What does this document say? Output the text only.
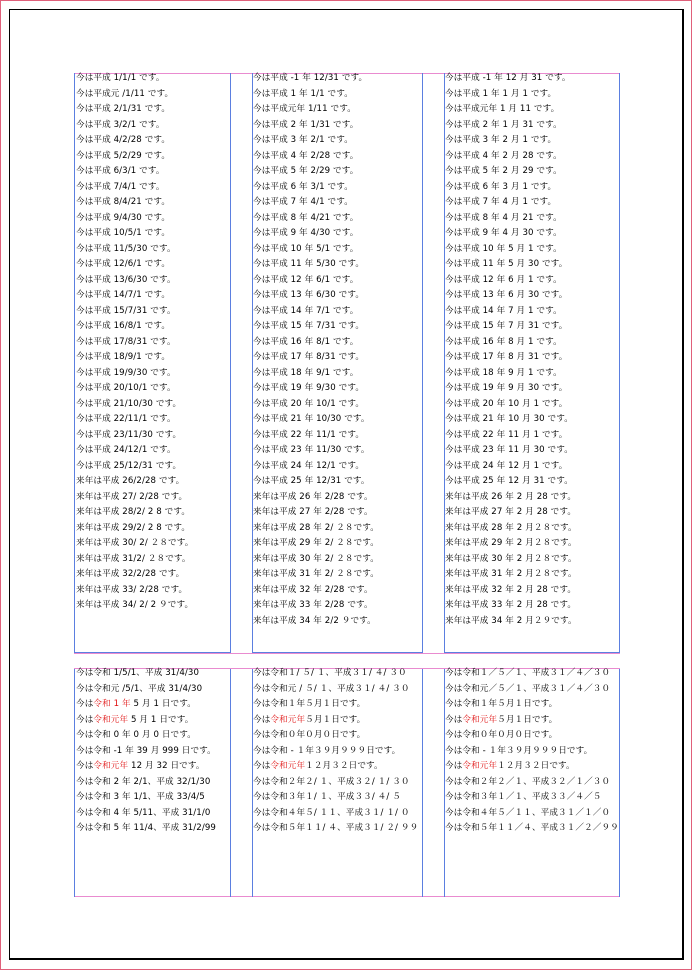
今は平成 1/1/1 です。
今は平成元 /1/11 です。
今は平成 2/1/31 です。
今は平成 3/2/1 です。
今は平成 4/2/28 です。
今は平成 5/2/29 です。
今は平成 6/3/1 です。
今は平成 7/4/1 です。
今は平成 8/4/21 です。
今は平成 9/4/30 です。
今は平成 10/5/1 です。
今は平成 11/5/30 です。
今は平成 12/6/1 です。
今は平成 13/6/30 です。
今は平成 14/7/1 です。
今は平成 15/7/31 です。
今は平成 16/8/1 です。
今は平成 17/8/31 です。
今は平成 18/9/1 です。
今は平成 19/9/30 です。
今は平成 20/10/1 です。
今は平成 21/10/30 です。
今は平成 22/11/1 です。
今は平成 23/11/30 です。
今は平成 24/12/1 です。
今は平成 25/12/31 です。
来年は平成 26/2/28 です。
来年は平成 27/ 2/28 です。
来年は平成 28/2/ 2 8 です。
来年は平成 29/2/ 2 8 です。
来年は平成 30/ 2/ ２８です。
来年は平成 31/2/ ２８です。
来年は平成 32/2/28 です。
来年は平成 33/ 2/28 です。
来年は平成 34/ 2/ 2 ９です。
今は平成 -1 年 12/31 です。
今は平成 1 年 1/1 です。
今は平成元年 1/11 です。
今は平成 2 年 1/31 です。
今は平成 3 年 2/1 です。
今は平成 4 年 2/28 です。
今は平成 5 年 2/29 です。
今は平成 6 年 3/1 です。
今は平成 7 年 4/1 です。
今は平成 8 年 4/21 です。
今は平成 9 年 4/30 です。
今は平成 10 年 5/1 です。
今は平成 11 年 5/30 です。
今は平成 12 年 6/1 です。
今は平成 13 年 6/30 です。
今は平成 14 年 7/1 です。
今は平成 15 年 7/31 です。
今は平成 16 年 8/1 です。
今は平成 17 年 8/31 です。
今は平成 18 年 9/1 です。
今は平成 19 年 9/30 です。
今は平成 20 年 10/1 です。
今は平成 21 年 10/30 です。
今は平成 22 年 11/1 です。
今は平成 23 年 11/30 です。
今は平成 24 年 12/1 です。
今は平成 25 年 12/31 です。
来年は平成 26 年 2/28 です。
来年は平成 27 年 2/28 です。
来年は平成 28 年 2/ ２８です。
来年は平成 29 年 2/ ２８です。
来年は平成 30 年 2/ ２８です。
来年は平成 31 年 2/ ２８です。
来年は平成 32 年 2/28 です。
来年は平成 33 年 2/28 です。
来年は平成 34 年 2/2 ９です。
今は平成 -1 年 12 月 31 です。
今は平成 1 年 1 月 1 です。
今は平成元年 1 月 11 です。
今は平成 2 年 1 月 31 です。
今は平成 3 年 2 月 1 です。
今は平成 4 年 2 月 28 です。
今は平成 5 年 2 月 29 です。
今は平成 6 年 3 月 1 です。
今は平成 7 年 4 月 1 です。
今は平成 8 年 4 月 21 です。
今は平成 9 年 4 月 30 です。
今は平成 10 年 5 月 1 です。
今は平成 11 年 5 月 30 です。
今は平成 12 年 6 月 1 です。
今は平成 13 年 6 月 30 です。
今は平成 14 年 7 月 1 です。
今は平成 15 年 7 月 31 です。
今は平成 16 年 8 月 1 です。
今は平成 17 年 8 月 31 です。
今は平成 18 年 9 月 1 です。
今は平成 19 年 9 月 30 です。
今は平成 20 年 10 月 1 です。
今は平成 21 年 10 月 30 です。
今は平成 22 年 11 月 1 です。
今は平成 23 年 11 月 30 です。
今は平成 24 年 12 月 1 です。
今は平成 25 年 12 月 31 です。
来年は平成 26 年 2 月 28 です。
来年は平成 27 年 2 月 28 です。
来年は平成 28 年 2 月２８です。
来年は平成 29 年 2 月２８です。
来年は平成 30 年 2 月２８です。
来年は平成 31 年 2 月２８です。
来年は平成 32 年 2 月 28 です。
来年は平成 33 年 2 月 28 です。
来年は平成 34 年 2 月２９です。
今は令和 1/5/1、平成 31/4/30
今は令和元 /5/1、平成 31/4/30
今は令和 1 年 5 月 1 日です。
今は令和元年 5 月 1 日です。
今は令和 0 年 0 月 0 日です。
今は令和 -1 年 39 月 999 日です。
今は令和元年 12 月 32 日です。
今は令和 2 年 2/1、平成 32/1/30
今は令和 3 年 1/1、平成 33/4/5
今は令和 4 年 5/11、平成 31/1/0
今は令和 5 年 11/4、平成 31/2/99
今は令和１/ ５/ １、平成３１/ ４/ ３０
今は令和元 / ５/ １、平成３１/ ４/ ３０
今は令和１年５月１日です。
今は令和元年５月１日です。
今は令和０年０月０日です。
今は令和 - １年３９月９９９日です。
今は令和元年１２月３２日です。
今は令和２年２/ １、平成３２/ １/ ３０
今は令和３年１/ １、平成３３/ ４/ ５
今は令和４年５/ １１、平成３１/ １/ ０
今は令和５年１１/ ４、平成３１/ ２/ ９９
今は令和１／５／１、平成３１／４／３０
今は令和元／５／１、平成３１／４／３０
今は令和１年５月１日です。
今は令和元年５月１日です。
今は令和０年０月０日です。
今は令和 - １年３９月９９９日です。
今は令和元年１２月３２日です。
今は令和２年２／１、平成３２／１／３０
今は令和３年１／１、平成３３／４／５
今は令和４年５／１１、平成３１／１／０
今は令和５年１１／４、平成３１／２／９９
